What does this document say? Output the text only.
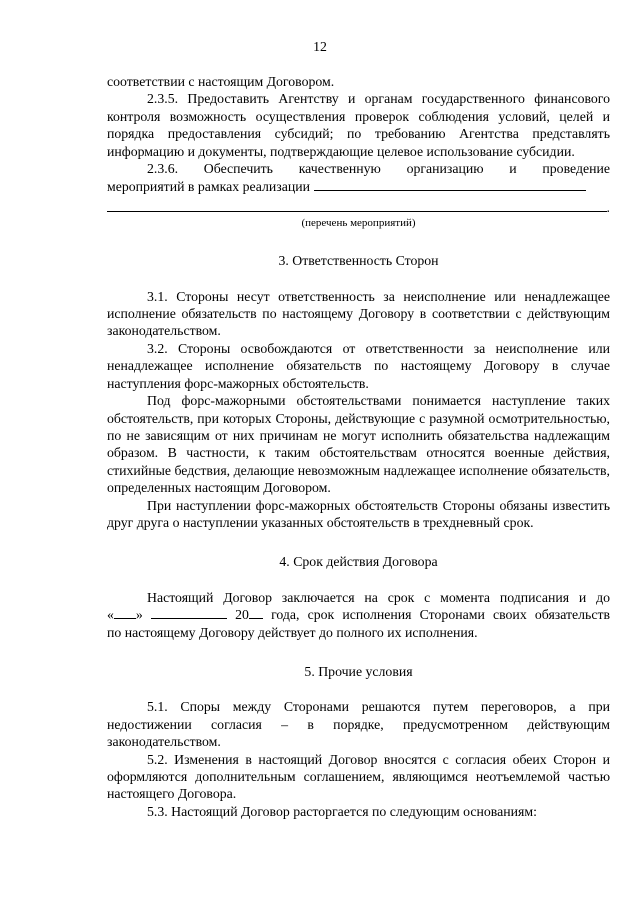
12

соответствии с настоящим Договором.

2.3.5. Предоставить Агентству и органам государственного финансового контроля возможность осуществления проверок соблюдения условий, целей и порядка предоставления субсидий; по требованию Агентства представлять информацию и документы, подтверждающие целевое использование субсидии.

2.3.6. Обеспечить качественную организацию и проведение
мероприятий в рамках реализации
.

(перечень мероприятий)

3. Ответственность Сторон

3.1. Стороны несут ответственность за неисполнение или ненадлежащее исполнение обязательств по настоящему Договору в соответствии с действующим законодательством.

3.2. Стороны освобождаются от ответственности за неисполнение или ненадлежащее исполнение обязательств по настоящему Договору в случае наступления форс-мажорных обстоятельств.

Под форс-мажорными обстоятельствами понимается наступление таких обстоятельств, при которых Стороны, действующие с разумной осмотрительностью, по не зависящим от них причинам не могут исполнить обязательства надлежащим образом. В частности, к таким обстоятельствам относятся военные действия, стихийные бедствия, делающие невозможным надлежащее исполнение обязательств, определенных настоящим Договором.

При наступлении форс-мажорных обстоятельств Стороны обязаны известить друг друга о наступлении указанных обстоятельств в трехдневный срок.

4. Срок действия Договора

Настоящий Договор заключается на срок с момента подписания и до

« »	20 года, срок исполнения Сторонами своих обязательств

по настоящему Договору действует до полного их исполнения.

5. Прочие условия

5.1. Споры между Сторонами решаются путем переговоров, а при недостижении согласия – в порядке, предусмотренном действующим законодательством.

5.2. Изменения в настоящий Договор вносятся с согласия обеих Сторон и оформляются дополнительным соглашением, являющимся неотъемлемой частью настоящего Договора.

5.3. Настоящий Договор расторгается по следующим основаниям:
